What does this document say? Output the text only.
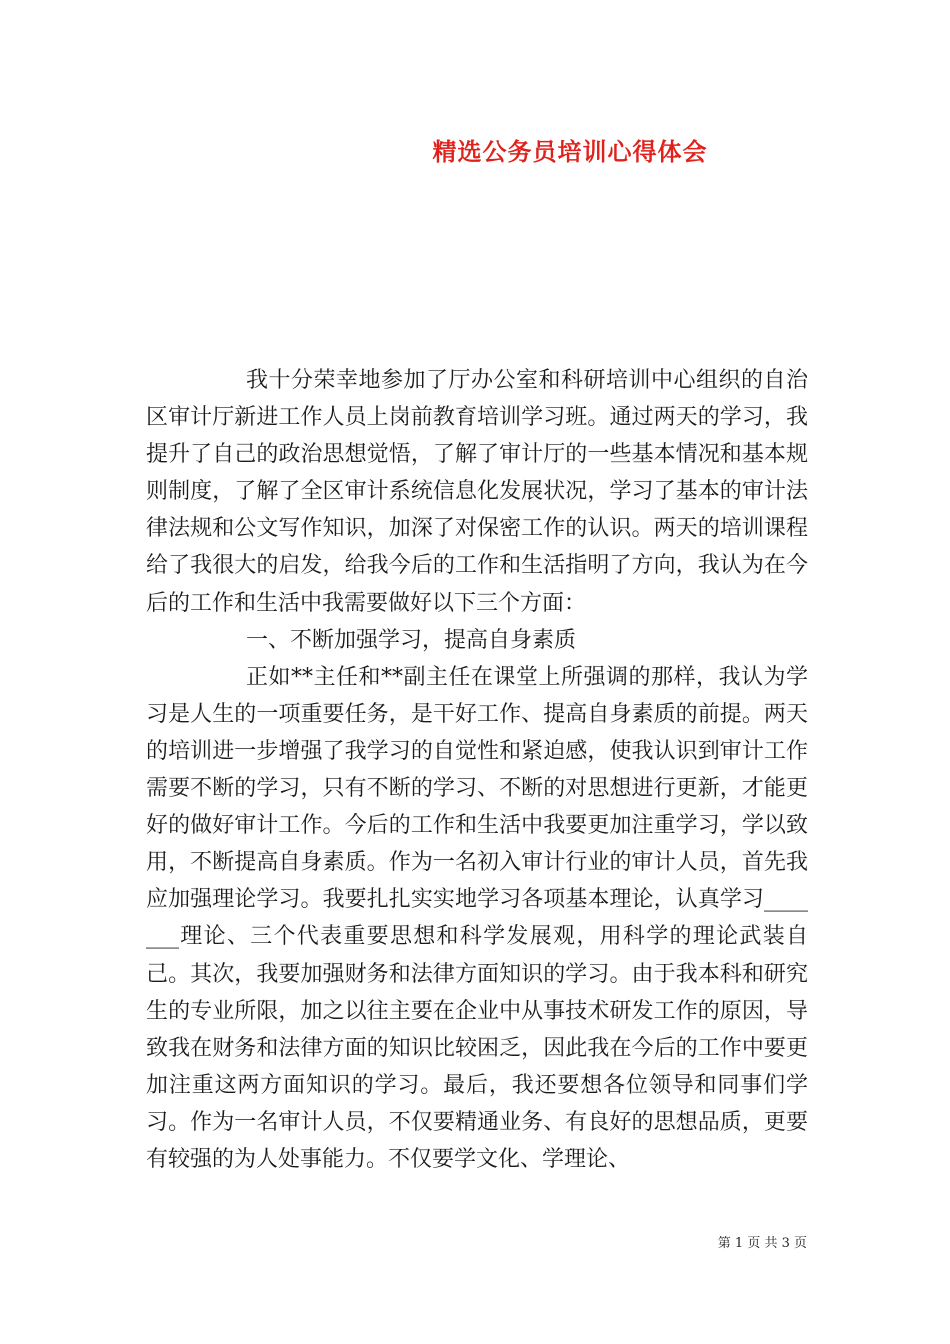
精选公务员培训心得体会

我十分荣幸地参加了厅办公室和科研培训中心组织的自治区审计厅新进工作人员上岗前教育培训学习班。通过两天的学习，我提升了自己的政治思想觉悟，了解了审计厅的一些基本情况和基本规则制度，了解了全区审计系统信息化发展状况，学习了基本的审计法律法规和公文写作知识，加深了对保密工作的认识。两天的培训课程给了我很大的启发，给我今后的工作和生活指明了方向，我认为在今后的工作和生活中我需要做好以下三个方面：

一、不断加强学习，提高自身素质

正如**主任和**副主任在课堂上所强调的那样，我认为学习是人生的一项重要任务，是干好工作、提高自身素质的前提。两天的培训进一步增强了我学习的自觉性和紧迫感，使我认识到审计工作需要不断的学习，只有不断的学习、不断的对思想进行更新，才能更好的做好审计工作。今后的工作和生活中我要更加注重学习，学以致用，不断提高自身素质。作为一名初入审计行业的审计人员，首先我应加强理论学习。我要扎扎实实地学习各项基本理论，认真学习_______理论、三个代表重要思想和科学发展观，用科学的理论武装自己。其次，我要加强财务和法律方面知识的学习。由于我本科和研究生的专业所限，加之以往主要在企业中从事技术研发工作的原因，导致我在财务和法律方面的知识比较困乏，因此我在今后的工作中要更加注重这两方面知识的学习。最后，我还要想各位领导和同事们学习。作为一名审计人员，不仅要精通业务、有良好的思想品质，更要有较强的为人处事能力。不仅要学文化、学理论、

第 1 页 共 3 页
